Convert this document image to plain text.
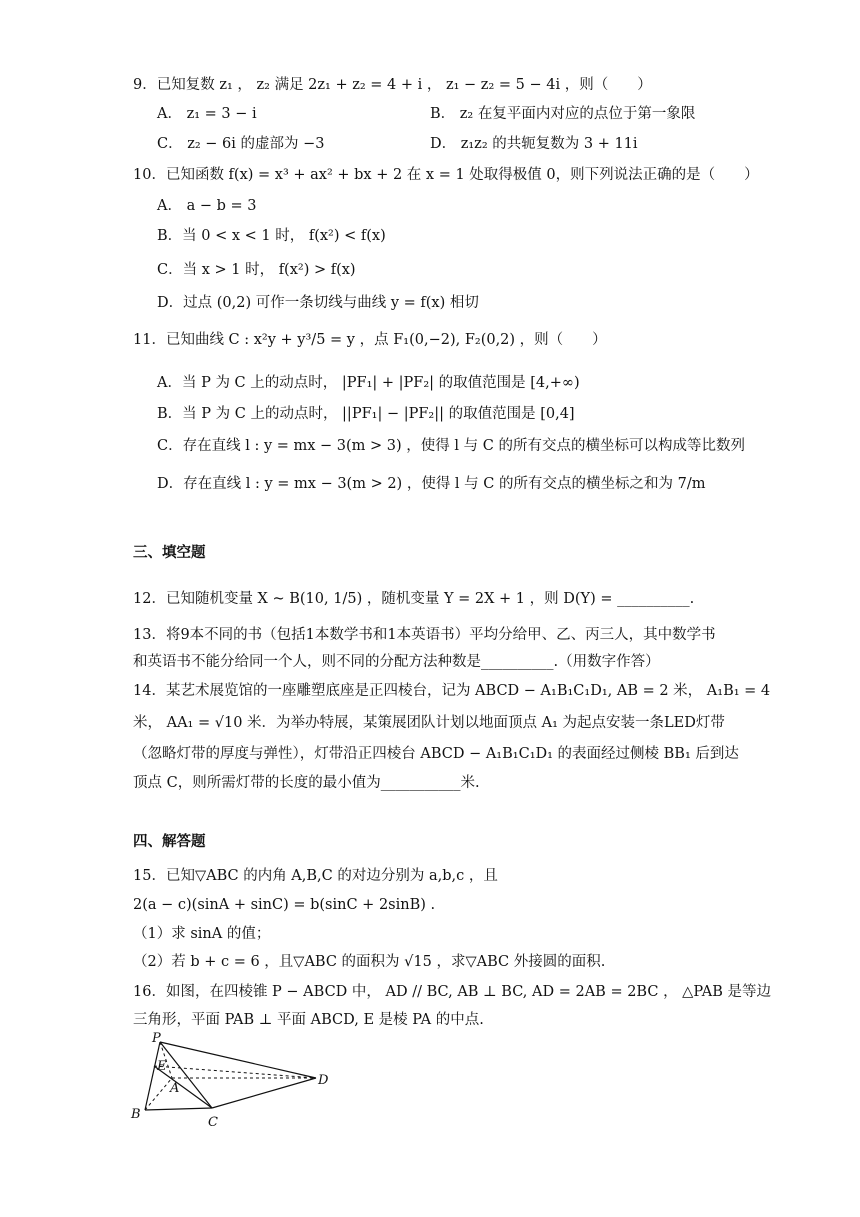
9．已知复数 z₁ ， z₂ 满足 2z₁ + z₂ = 4 + i ， z₁ − z₂ = 5 − 4i ，则（　　）
A． z₁ = 3 − i	B． z₂ 在复平面内对应的点位于第一象限
C． z₂ − 6i 的虚部为 −3	D． z₁z₂ 的共轭复数为 3 + 11i
10．已知函数 f(x) = x³ + ax² + bx + 2 在 x = 1 处取得极值 0，则下列说法正确的是（　　）
A． a − b = 3
B．当 0 < x < 1 时， f(x²) < f(x)
C．当 x > 1 时， f(x²) > f(x)
D．过点 (0,2) 可作一条切线与曲线 y = f(x) 相切
11．已知曲线 C : x²y + y³/5 = y ，点 F₁(0,−2), F₂(0,2) ，则（　　）
A．当 P 为 C 上的动点时， |PF₁| + |PF₂| 的取值范围是 [4,+∞)
B．当 P 为 C 上的动点时， ||PF₁| − |PF₂|| 的取值范围是 [0,4]
C．存在直线 l : y = mx − 3(m > 3) ，使得 l 与 C 的所有交点的横坐标可以构成等比数列
D．存在直线 l : y = mx − 3(m > 2) ，使得 l 与 C 的所有交点的横坐标之和为 7/m
三、填空题
12．已知随机变量 X ~ B(10, 1/5) ，随机变量 Y = 2X + 1 ，则 D(Y) = __________.
13．将9本不同的书（包括1本数学书和1本英语书）平均分给甲、乙、丙三人，其中数学书
和英语书不能分给同一个人，则不同的分配方法种数是__________.（用数字作答）
14．某艺术展览馆的一座雕塑底座是正四棱台，记为 ABCD − A₁B₁C₁D₁, AB = 2 米， A₁B₁ = 4
米， AA₁ = √10 米．为举办特展，某策展团队计划以地面顶点 A₁ 为起点安装一条LED灯带
（忽略灯带的厚度与弹性），灯带沿正四棱台 ABCD − A₁B₁C₁D₁ 的表面经过侧棱 BB₁ 后到达
顶点 C，则所需灯带的长度的最小值为___________米.
四、解答题
15．已知▽ABC 的内角 A,B,C 的对边分别为 a,b,c ，且
2(a − c)(sinA + sinC) = b(sinC + 2sinB) .
（1）求 sinA 的值；
（2）若 b + c = 6 ，且▽ABC 的面积为 √15 ，求▽ABC 外接圆的面积.
16．如图，在四棱锥 P − ABCD 中， AD // BC, AB ⊥ BC, AD = 2AB = 2BC ， △PAB 是等边
三角形，平面 PAB ⊥ 平面 ABCD, E 是棱 PA 的中点.
P
E
A
B
C
D
